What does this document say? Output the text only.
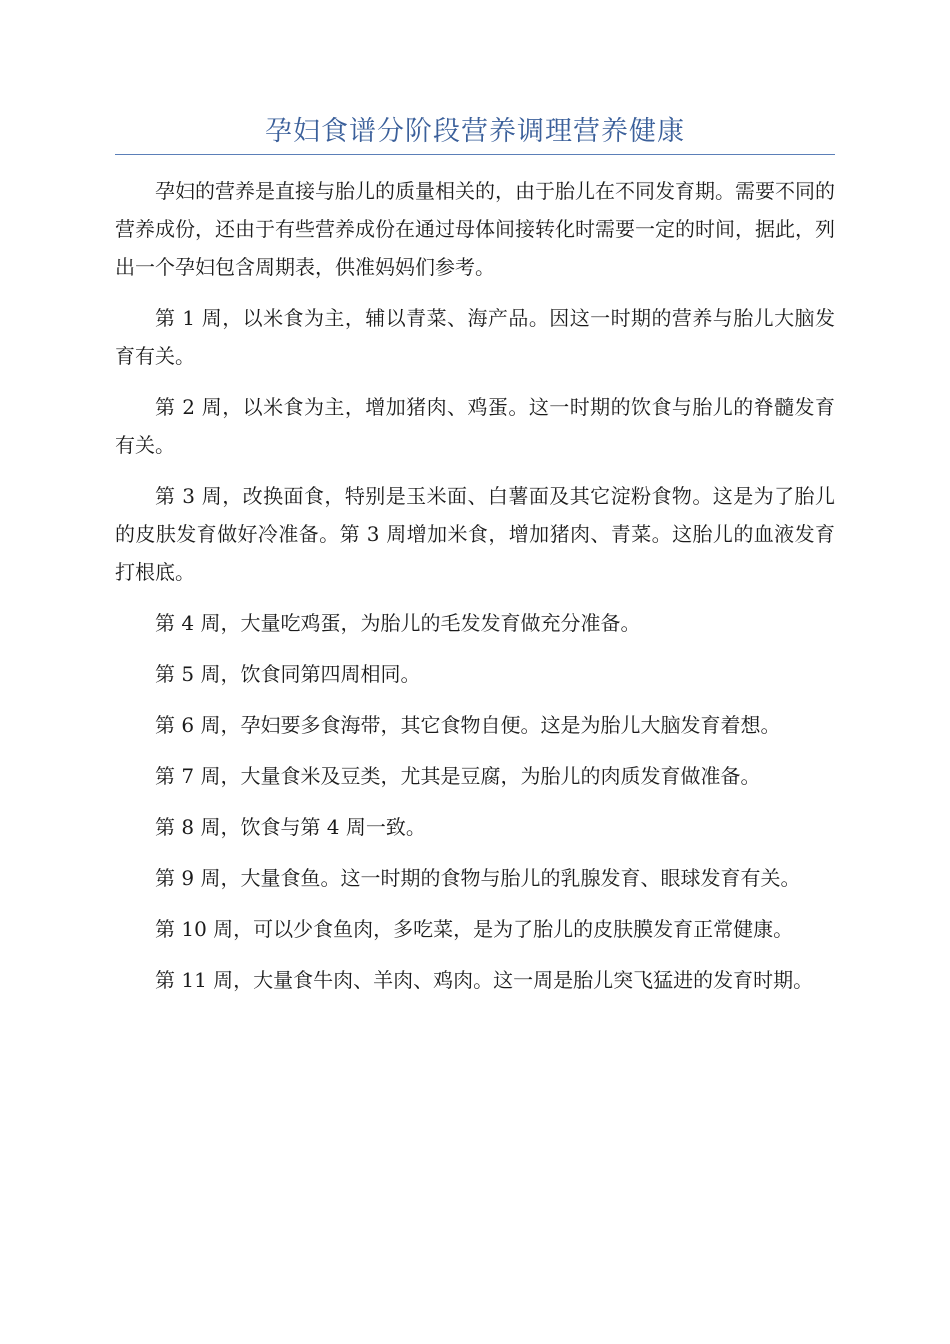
孕妇食谱分阶段营养调理营养健康

孕妇的营养是直接与胎儿的质量相关的，由于胎儿在不同发育期。需要不同的营养成份，还由于有些营养成份在通过母体间接转化时需要一定的时间，据此，列出一个孕妇包含周期表，供准妈妈们参考。

第 1 周，以米食为主，辅以青菜、海产品。因这一时期的营养与胎儿大脑发育有关。

第 2 周，以米食为主，增加猪肉、鸡蛋。这一时期的饮食与胎儿的脊髓发育有关。

第 3 周，改换面食，特别是玉米面、白薯面及其它淀粉食物。这是为了胎儿的皮肤发育做好冷准备。第 3 周增加米食，增加猪肉、青菜。这胎儿的血液发育打根底。

第 4 周，大量吃鸡蛋，为胎儿的毛发发育做充分准备。

第 5 周，饮食同第四周相同。

第 6 周，孕妇要多食海带，其它食物自便。这是为胎儿大脑发育着想。

第 7 周，大量食米及豆类，尤其是豆腐，为胎儿的肉质发育做准备。

第 8 周，饮食与第 4 周一致。

第 9 周，大量食鱼。这一时期的食物与胎儿的乳腺发育、眼球发育有关。

第 10 周，可以少食鱼肉，多吃菜，是为了胎儿的皮肤膜发育正常健康。

第 11 周，大量食牛肉、羊肉、鸡肉。这一周是胎儿突飞猛进的发育时期。
